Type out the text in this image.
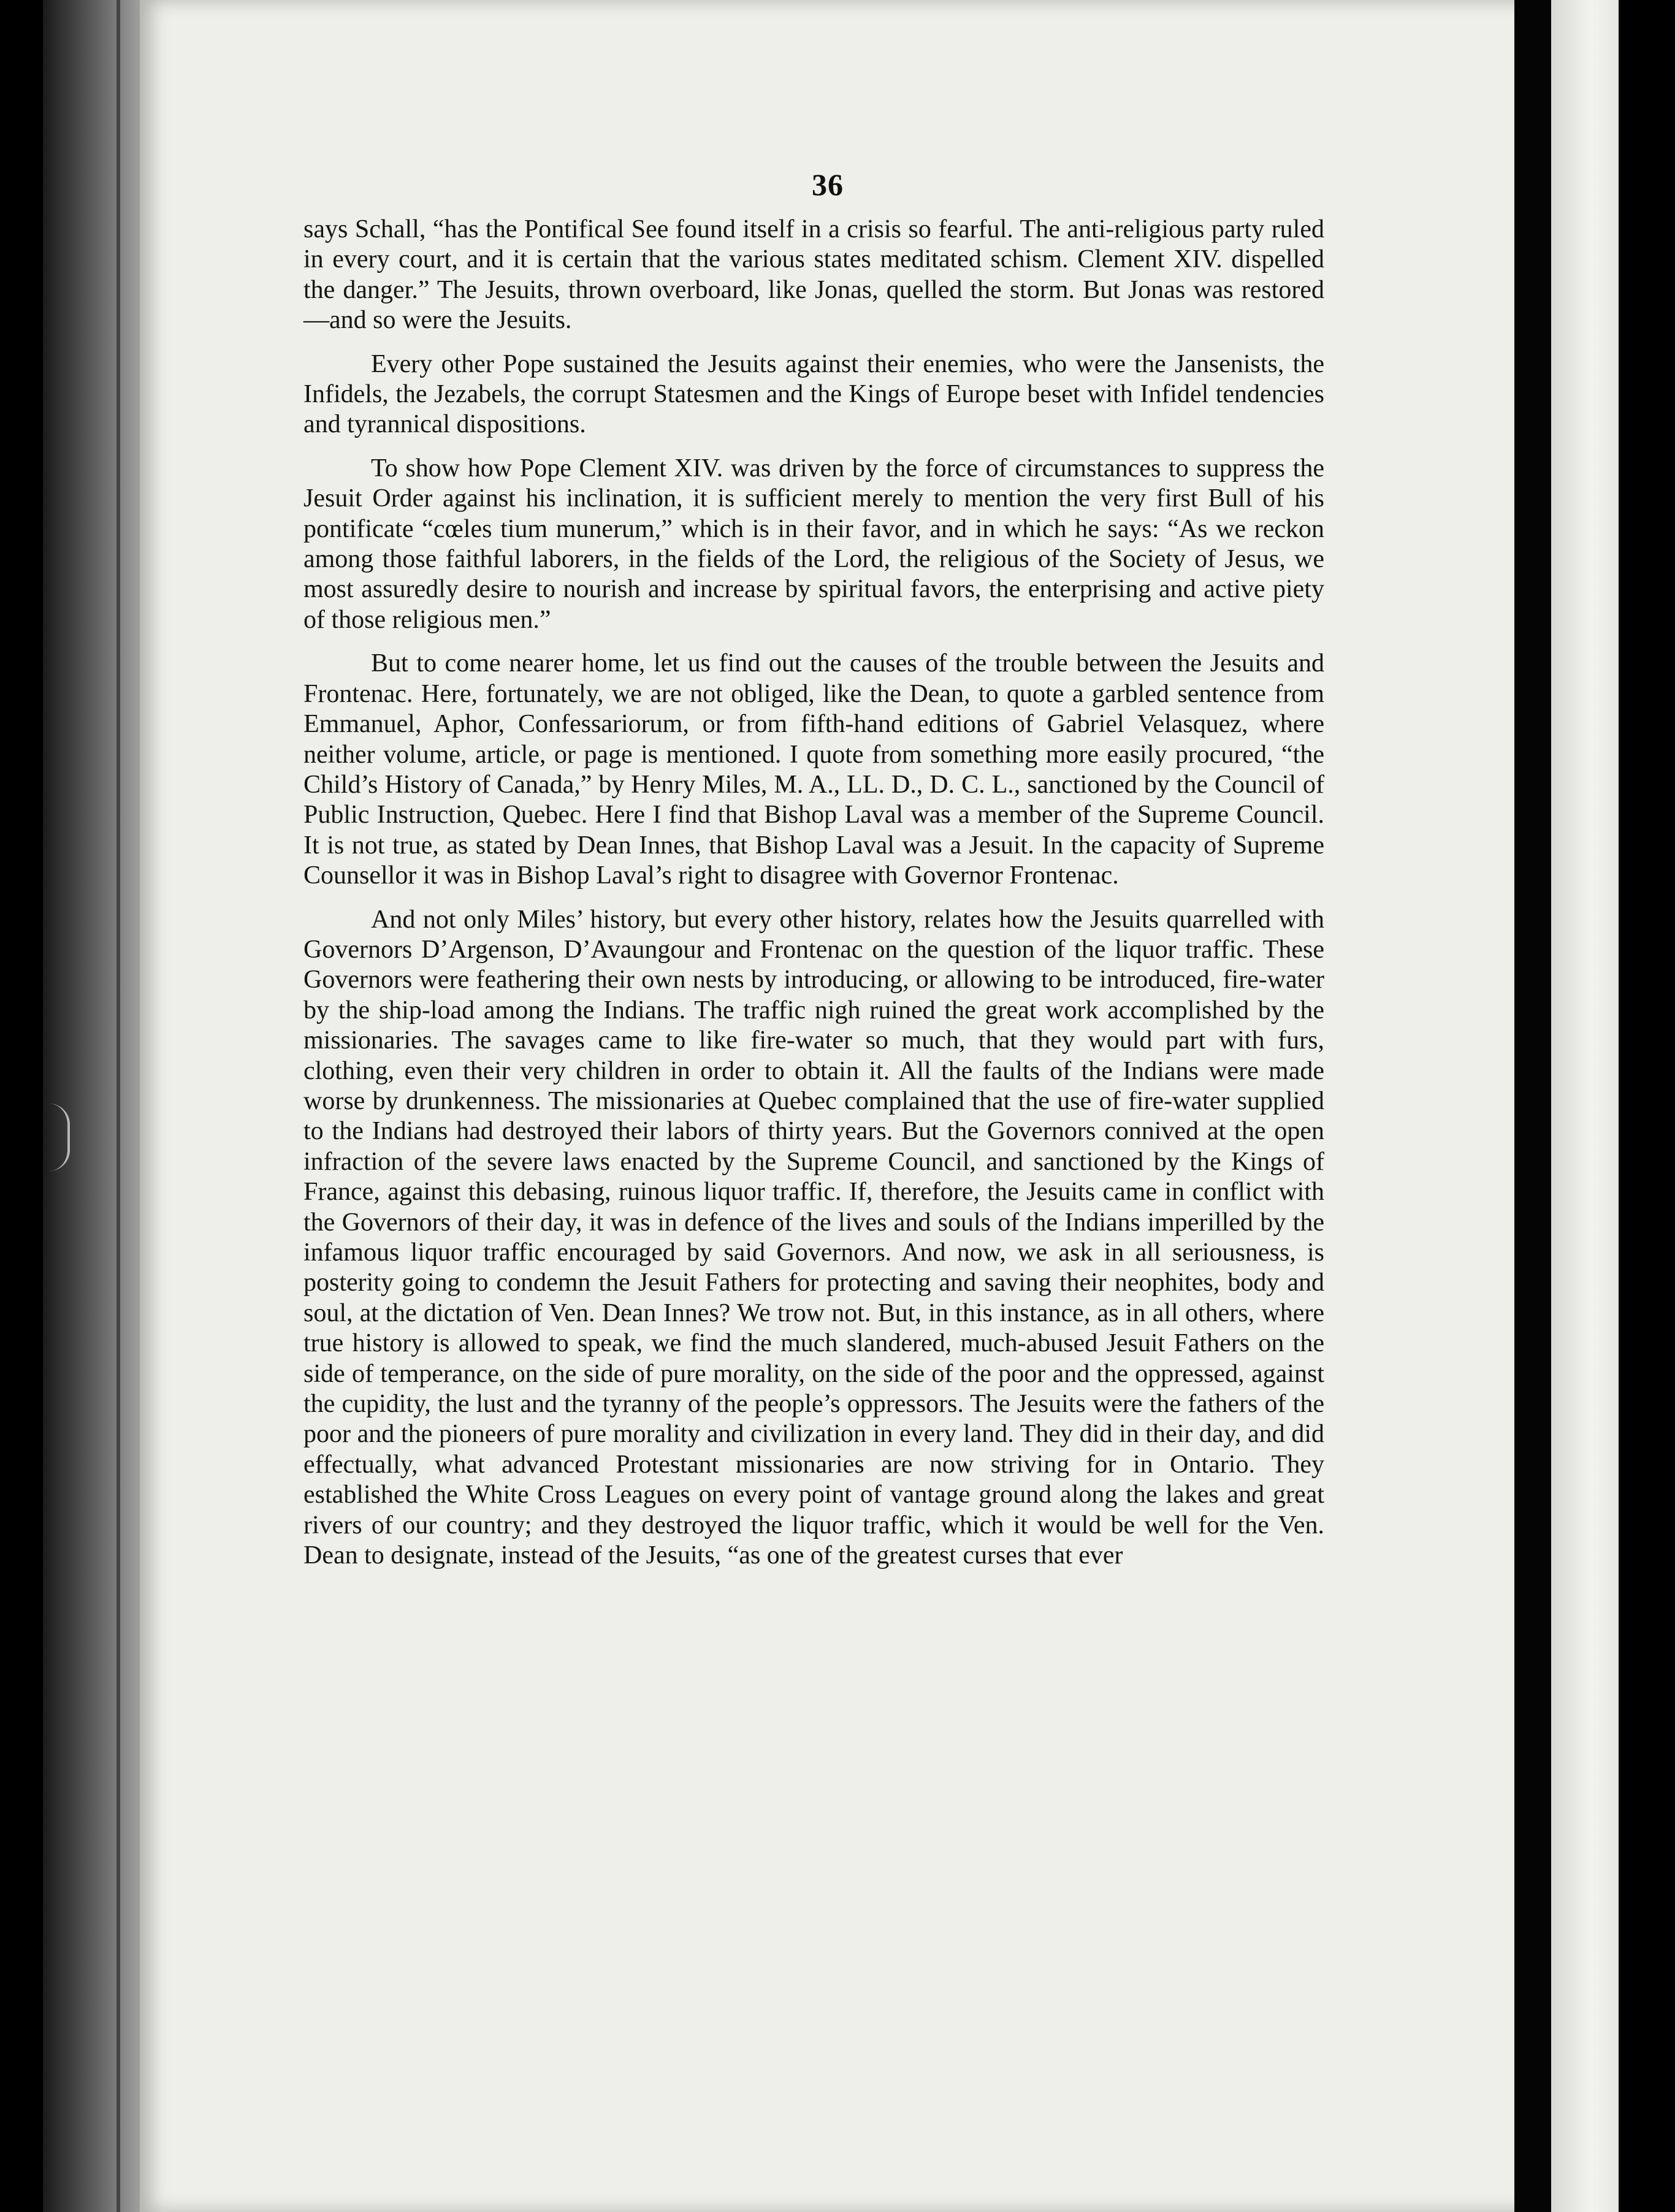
36

says Schall, “has the Pontifical See found itself in a crisis so fearful. The anti-religious party ruled in every court, and it is certain that the various states meditated schism. Clement XIV. dispelled the danger.” The Jesuits, thrown overboard, like Jonas, quelled the storm. But Jonas was restored—and so were the Jesuits.

Every other Pope sustained the Jesuits against their enemies, who were the Jansenists, the Infidels, the Jezabels, the corrupt Statesmen and the Kings of Europe beset with Infidel tendencies and tyrannical dispositions.

To show how Pope Clement XIV. was driven by the force of circumstances to suppress the Jesuit Order against his inclination, it is sufficient merely to mention the very first Bull of his pontificate “cœles tium munerum,” which is in their favor, and in which he says: “As we reckon among those faithful laborers, in the fields of the Lord, the religious of the Society of Jesus, we most assuredly desire to nourish and increase by spiritual favors, the enterprising and active piety of those religious men.”

But to come nearer home, let us find out the causes of the trouble between the Jesuits and Frontenac. Here, fortunately, we are not obliged, like the Dean, to quote a garbled sentence from Emmanuel, Aphor, Confessariorum, or from fifth-hand editions of Gabriel Velasquez, where neither volume, article, or page is mentioned. I quote from something more easily procured, “the Child’s History of Canada,” by Henry Miles, M. A., LL. D., D. C. L., sanctioned by the Council of Public Instruction, Quebec. Here I find that Bishop Laval was a member of the Supreme Council. It is not true, as stated by Dean Innes, that Bishop Laval was a Jesuit. In the capacity of Supreme Counsellor it was in Bishop Laval’s right to disagree with Governor Frontenac.

And not only Miles’ history, but every other history, relates how the Jesuits quarrelled with Governors D’Argenson, D’Avaungour and Frontenac on the question of the liquor traffic. These Governors were feathering their own nests by introducing, or allowing to be introduced, fire-water by the ship-load among the Indians. The traffic nigh ruined the great work accomplished by the missionaries. The savages came to like fire-water so much, that they would part with furs, clothing, even their very children in order to obtain it. All the faults of the Indians were made worse by drunkenness. The missionaries at Quebec complained that the use of fire-water supplied to the Indians had destroyed their labors of thirty years. But the Governors connived at the open infraction of the severe laws enacted by the Supreme Council, and sanctioned by the Kings of France, against this debasing, ruinous liquor traffic. If, therefore, the Jesuits came in conflict with the Governors of their day, it was in defence of the lives and souls of the Indians imperilled by the infamous liquor traffic encouraged by said Governors. And now, we ask in all seriousness, is posterity going to condemn the Jesuit Fathers for protecting and saving their neophites, body and soul, at the dictation of Ven. Dean Innes? We trow not. But, in this instance, as in all others, where true history is allowed to speak, we find the much slandered, much-abused Jesuit Fathers on the side of temperance, on the side of pure morality, on the side of the poor and the oppressed, against the cupidity, the lust and the tyranny of the people’s oppressors. The Jesuits were the fathers of the poor and the pioneers of pure morality and civilization in every land. They did in their day, and did effectually, what advanced Protestant missionaries are now striving for in Ontario. They established the White Cross Leagues on every point of vantage ground along the lakes and great rivers of our country; and they destroyed the liquor traffic, which it would be well for the Ven. Dean to designate, instead of the Jesuits, “as one of the greatest curses that ever
